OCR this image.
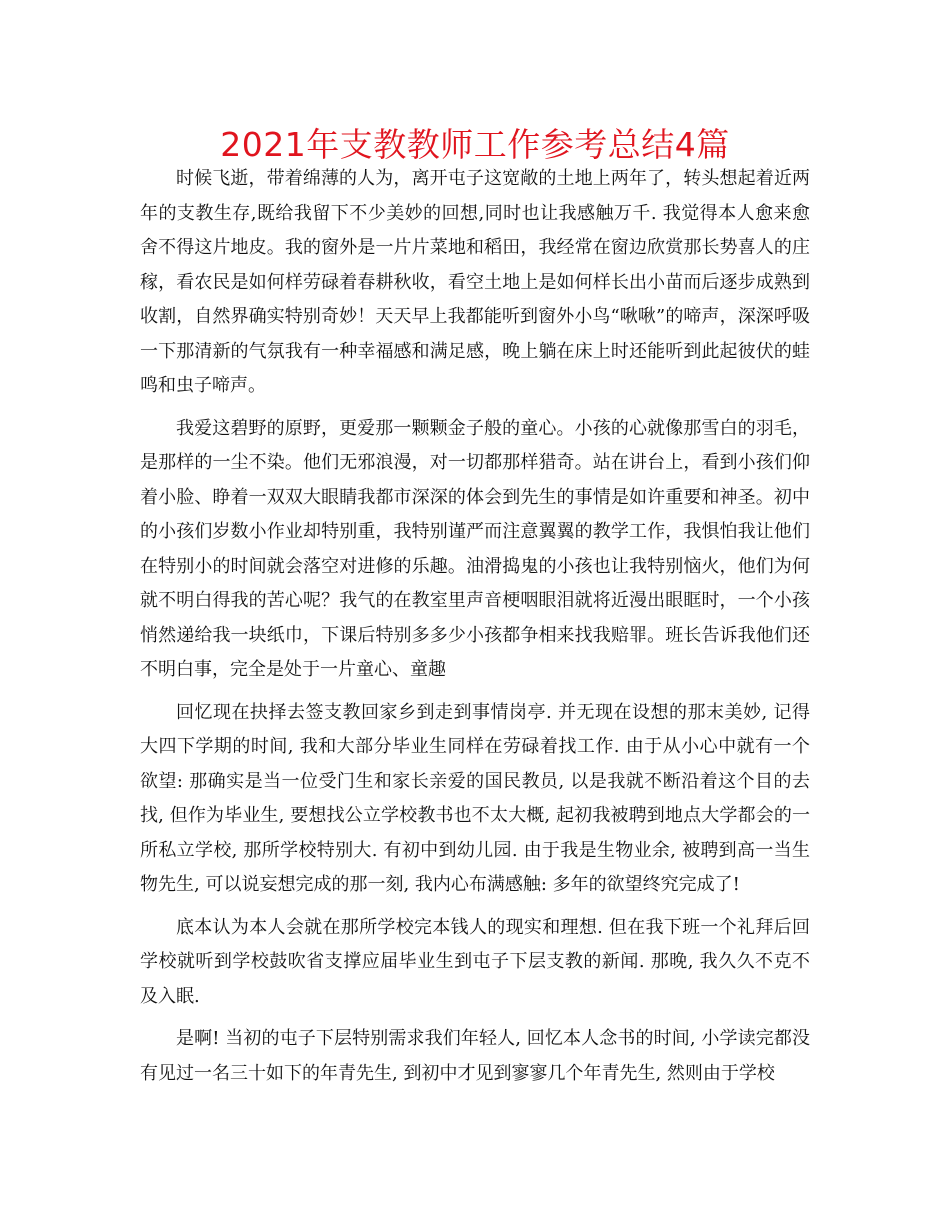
2021年支教教师工作参考总结4篇

时候飞逝，带着绵薄的人为，离开屯子这宽敞的土地上两年了，转头想起着近两年的支教生存,既给我留下不少美妙的回想,同时也让我感触万千. 我觉得本人愈来愈舍不得这片地皮。我的窗外是一片片菜地和稻田，我经常在窗边欣赏那长势喜人的庄稼，看农民是如何样劳碌着春耕秋收，看空土地上是如何样长出小苗而后逐步成熟到收割，自然界确实特别奇妙！天天早上我都能听到窗外小鸟“啾啾”的啼声，深深呼吸一下那清新的气氛我有一种幸福感和满足感，晚上躺在床上时还能听到此起彼伏的蛙鸣和虫子啼声。

我爱这碧野的原野，更爱那一颗颗金子般的童心。小孩的心就像那雪白的羽毛，是那样的一尘不染。他们无邪浪漫，对一切都那样猎奇。站在讲台上，看到小孩们仰着小脸、睁着一双双大眼睛我都市深深的体会到先生的事情是如许重要和神圣。初中的小孩们岁数小作业却特别重，我特别谨严而注意翼翼的教学工作，我惧怕我让他们在特别小的时间就会落空对进修的乐趣。油滑捣鬼的小孩也让我特别恼火，他们为何就不明白得我的苦心呢？我气的在教室里声音梗咽眼泪就将近漫出眼眶时，一个小孩悄然递给我一块纸巾，下课后特别多多少小孩都争相来找我赔罪。班长告诉我他们还不明白事，完全是处于一片童心、童趣

回忆现在抉择去签支教回家乡到走到事情岗亭. 并无现在设想的那末美妙, 记得大四下学期的时间, 我和大部分毕业生同样在劳碌着找工作. 由于从小心中就有一个欲望: 那确实是当一位受门生和家长亲爱的国民教员, 以是我就不断沿着这个目的去找, 但作为毕业生, 要想找公立学校教书也不太大概, 起初我被聘到地点大学都会的一所私立学校, 那所学校特别大. 有初中到幼儿园. 由于我是生物业余, 被聘到高一当生物先生, 可以说妄想完成的那一刻, 我内心布满感触: 多年的欲望终究完成了!

底本认为本人会就在那所学校完本钱人的现实和理想. 但在我下班一个礼拜后回学校就听到学校鼓吹省支撑应届毕业生到屯子下层支教的新闻. 那晚, 我久久不克不及入眠.

是啊! 当初的屯子下层特别需求我们年轻人, 回忆本人念书的时间, 小学读完都没有见过一名三十如下的年青先生, 到初中才见到寥寥几个年青先生, 然则由于学校
